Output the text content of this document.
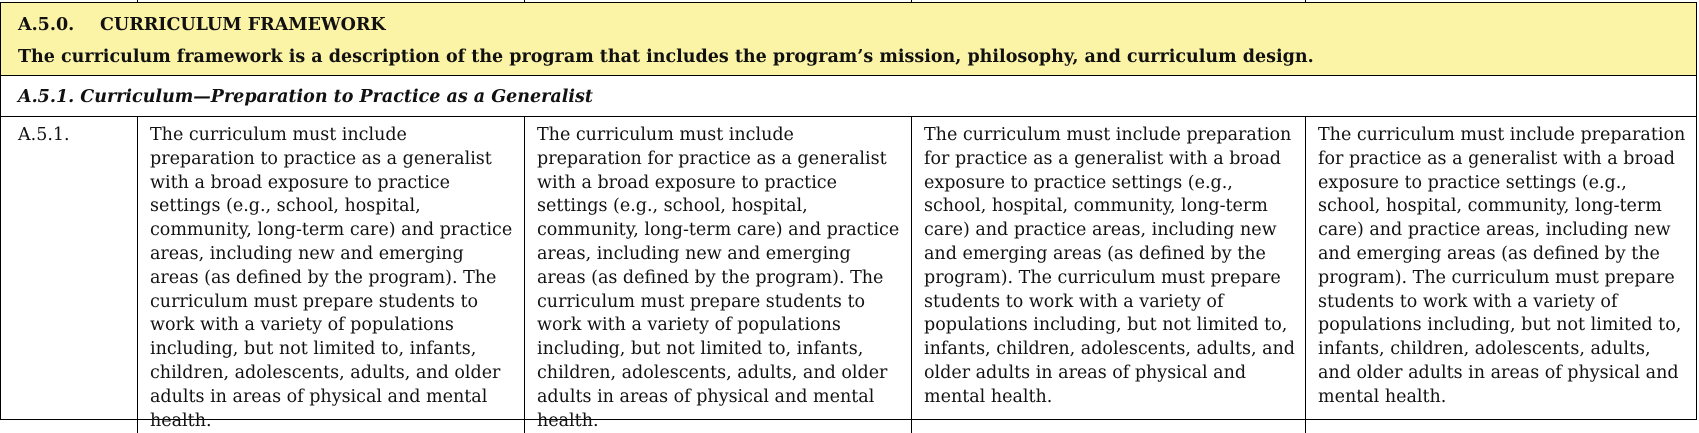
A.5.0. CURRICULUM FRAMEWORK
The curriculum framework is a description of the program that includes the program’s mission, philosophy, and curriculum design.
A.5.1. Curriculum—Preparation to Practice as a Generalist
A.5.1.	The curriculum must include preparation to practice as a generalist with a broad exposure to practice settings (e.g., school, hospital, community, long-term care) and practice areas, including new and emerging areas (as defined by the program). The curriculum must prepare students to work with a variety of populations including, but not limited to, infants, children, adolescents, adults, and older adults in areas of physical and mental health.
The curriculum must include preparation for practice as a generalist with a broad exposure to practice settings (e.g., school, hospital, community, long-term care) and practice areas, including new and emerging areas (as defined by the program). The curriculum must prepare students to work with a variety of populations including, but not limited to, infants, children, adolescents, adults, and older adults in areas of physical and mental health.
The curriculum must include preparation for practice as a generalist with a broad exposure to practice settings (e.g., school, hospital, community, long-term care) and practice areas, including new and emerging areas (as defined by the program). The curriculum must prepare students to work with a variety of populations including, but not limited to, infants, children, adolescents, adults, and older adults in areas of physical and mental health.
The curriculum must include preparation for practice as a generalist with a broad exposure to practice settings (e.g., school, hospital, community, long-term care) and practice areas, including new and emerging areas (as defined by the program). The curriculum must prepare students to work with a variety of populations including, but not limited to, infants, children, adolescents, adults, and older adults in areas of physical and mental health.
